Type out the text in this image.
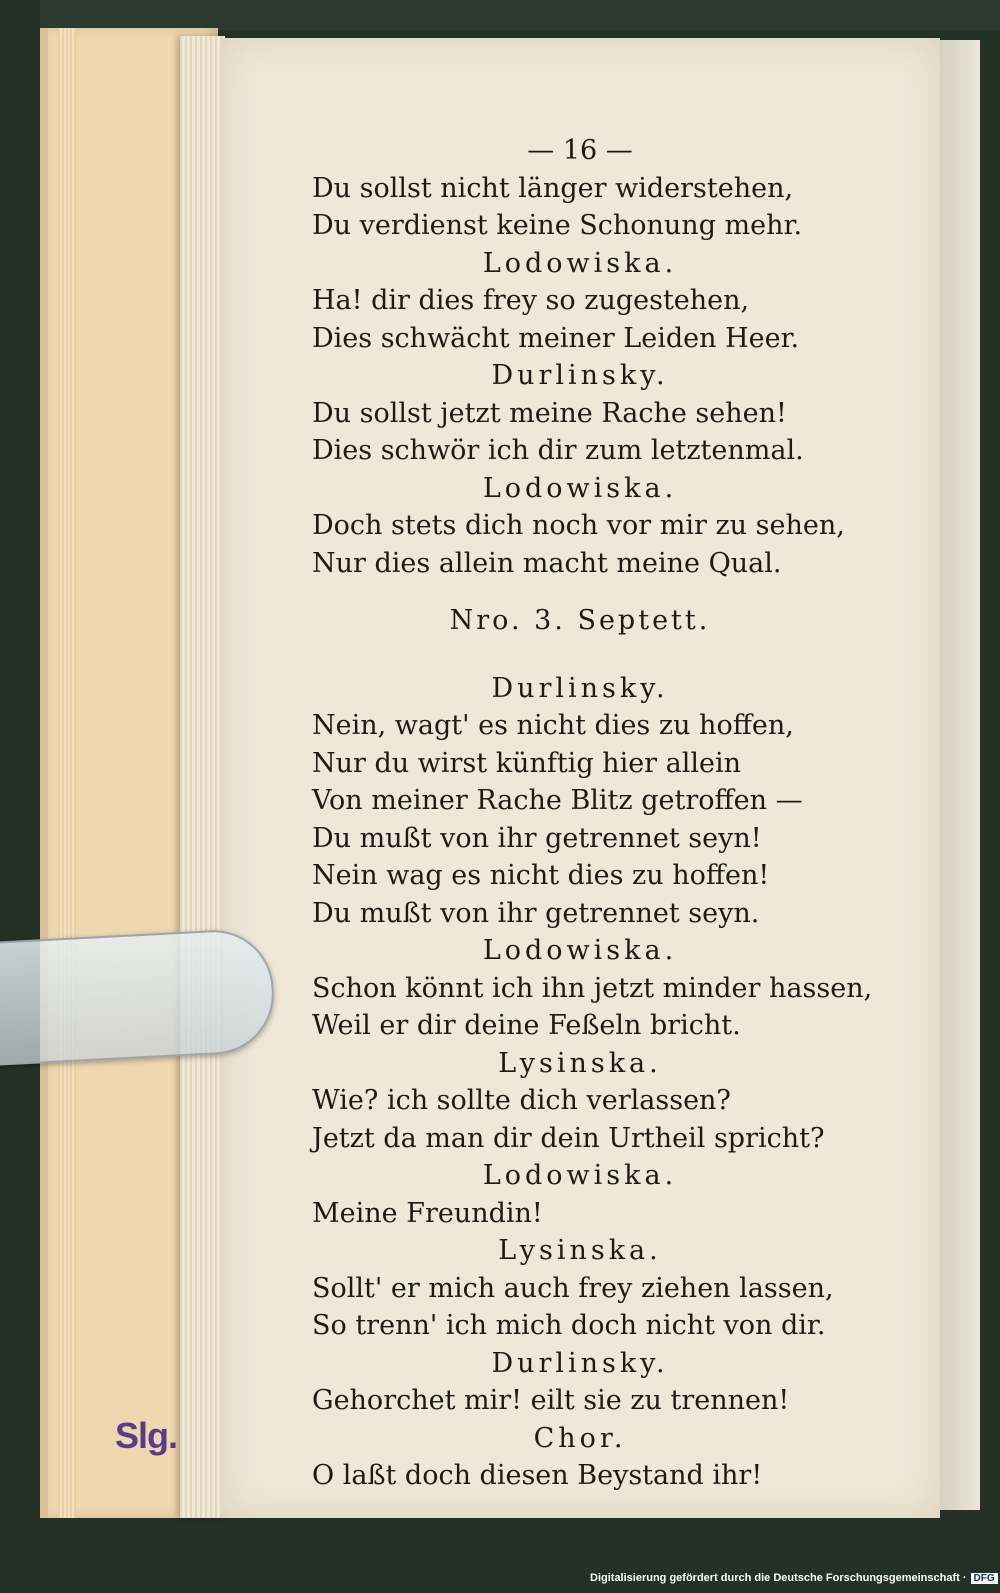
Slg.
— 16 —
Du sollst nicht länger widerstehen,
Du verdienst keine Schonung mehr.
Lodowiska.
Ha! dir dies frey so zugestehen,
Dies schwächt meiner Leiden Heer.
Durlinsky.
Du sollst jetzt meine Rache sehen!
Dies schwör ich dir zum letztenmal.
Lodowiska.
Doch stets dich noch vor mir zu sehen,
Nur dies allein macht meine Qual.
Nro. 3. Septett.
Durlinsky.
Nein, wagt' es nicht dies zu hoffen,
Nur du wirst künftig hier allein
Von meiner Rache Blitz getroffen —
Du mußt von ihr getrennet seyn!
Nein wag es nicht dies zu hoffen!
Du mußt von ihr getrennet seyn.
Lodowiska.
Schon könnt ich ihn jetzt minder hassen,
Weil er dir deine Feßeln bricht.
Lysinska.
Wie? ich sollte dich verlassen?
Jetzt da man dir dein Urtheil spricht?
Lodowiska.
Meine Freundin!
Lysinska.
Sollt' er mich auch frey ziehen lassen,
So trenn' ich mich doch nicht von dir.
Durlinsky.
Gehorchet mir! eilt sie zu trennen!
Chor.
O laßt doch diesen Beystand ihr!
Digitalisierung gefördert durch die Deutsche Forschungsgemeinschaft · DFG
